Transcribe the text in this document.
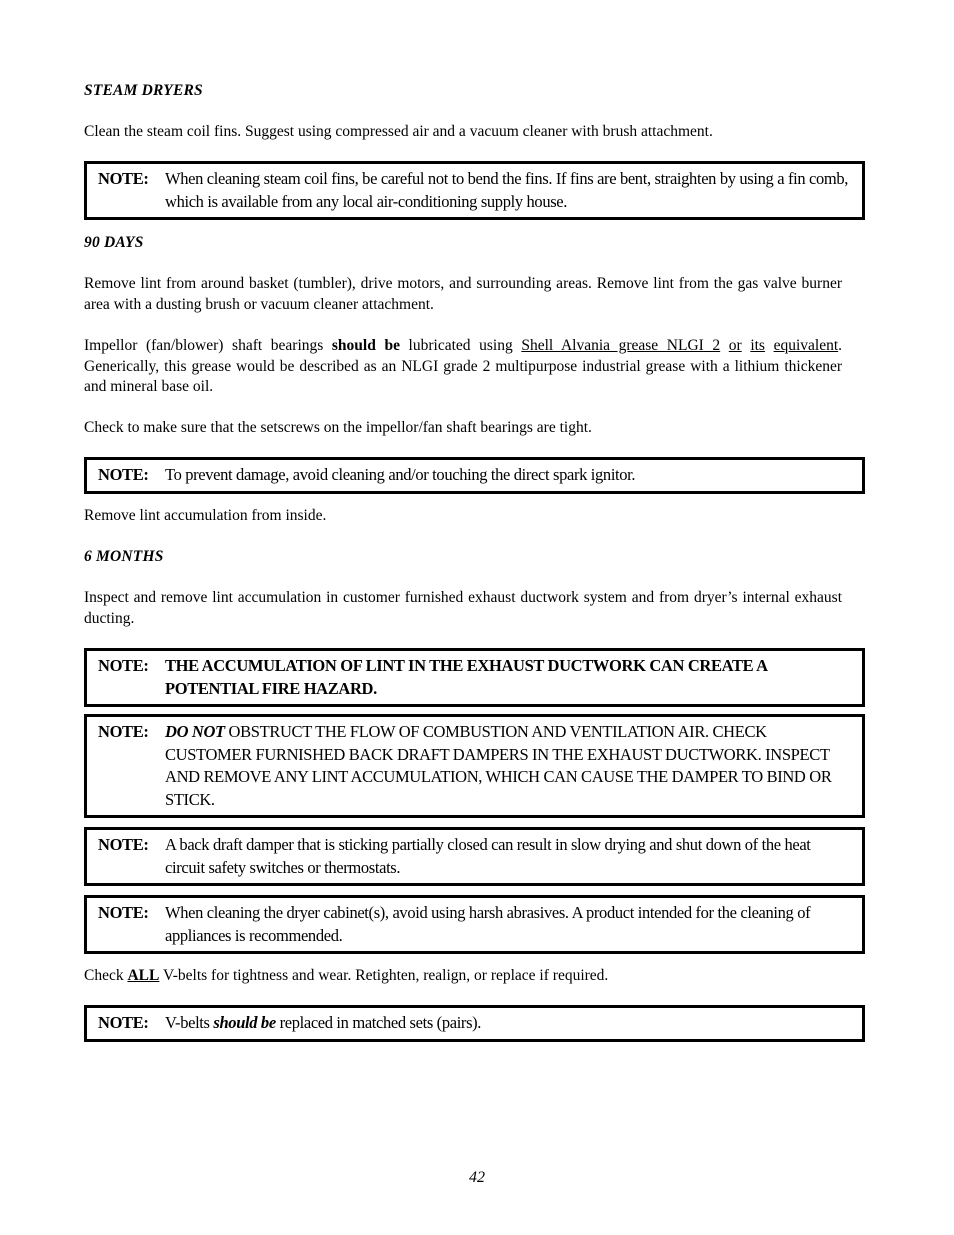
STEAM DRYERS
Clean the steam coil fins. Suggest using compressed air and a vacuum cleaner with brush attachment.
NOTE: When cleaning steam coil fins, be careful not to bend the fins. If fins are bent, straighten by using a fin comb, which is available from any local air-conditioning supply house.
90 DAYS
Remove lint from around basket (tumbler), drive motors, and surrounding areas. Remove lint from the gas valve burner area with a dusting brush or vacuum cleaner attachment.
Impellor (fan/blower) shaft bearings should be lubricated using Shell Alvania grease NLGI 2 or its equivalent. Generically, this grease would be described as an NLGI grade 2 multipurpose industrial grease with a lithium thickener and mineral base oil.
Check to make sure that the setscrews on the impellor/fan shaft bearings are tight.
NOTE: To prevent damage, avoid cleaning and/or touching the direct spark ignitor.
Remove lint accumulation from inside.
6 MONTHS
Inspect and remove lint accumulation in customer furnished exhaust ductwork system and from dryer’s internal exhaust ducting.
NOTE: THE ACCUMULATION OF LINT IN THE EXHAUST DUCTWORK CAN CREATE A POTENTIAL FIRE HAZARD.
NOTE: DO NOT OBSTRUCT THE FLOW OF COMBUSTION AND VENTILATION AIR. CHECK CUSTOMER FURNISHED BACK DRAFT DAMPERS IN THE EXHAUST DUCTWORK. INSPECT AND REMOVE ANY LINT ACCUMULATION, WHICH CAN CAUSE THE DAMPER TO BIND OR STICK.
NOTE: A back draft damper that is sticking partially closed can result in slow drying and shut down of the heat circuit safety switches or thermostats.
NOTE: When cleaning the dryer cabinet(s), avoid using harsh abrasives. A product intended for the cleaning of appliances is recommended.
Check ALL V-belts for tightness and wear. Retighten, realign, or replace if required.
NOTE: V-belts should be replaced in matched sets (pairs).
42
